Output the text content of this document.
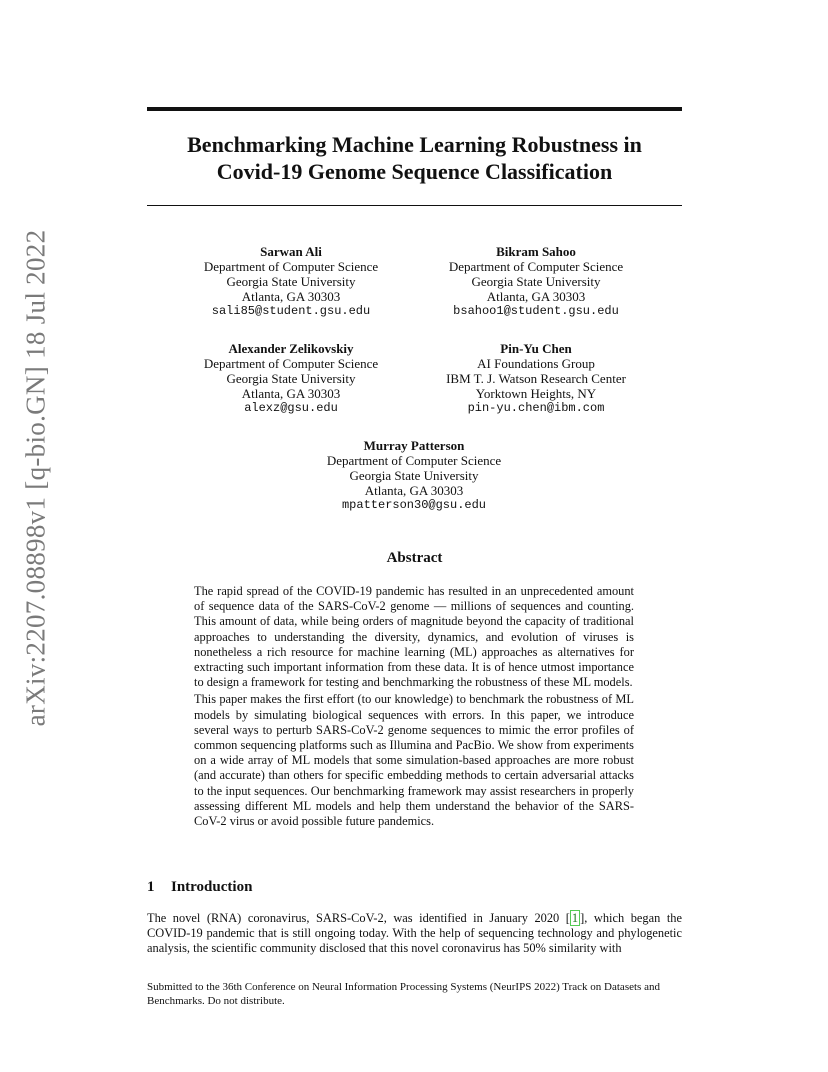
arXiv:2207.08898v1 [q-bio.GN] 18 Jul 2022
Benchmarking Machine Learning Robustness in
Covid-19 Genome Sequence Classification
Sarwan Ali
Department of Computer Science
Georgia State University
Atlanta, GA 30303
sali85@student.gsu.edu
Bikram Sahoo
Department of Computer Science
Georgia State University
Atlanta, GA 30303
bsahoo1@student.gsu.edu
Alexander Zelikovskiy
Department of Computer Science
Georgia State University
Atlanta, GA 30303
alexz@gsu.edu
Pin-Yu Chen
AI Foundations Group
IBM T. J. Watson Research Center
Yorktown Heights, NY
pin-yu.chen@ibm.com
Murray Patterson
Department of Computer Science
Georgia State University
Atlanta, GA 30303
mpatterson30@gsu.edu
Abstract

The rapid spread of the COVID-19 pandemic has resulted in an unprecedented amount of sequence data of the SARS-CoV-2 genome — millions of sequences and counting. This amount of data, while being orders of magnitude beyond the capacity of traditional approaches to understanding the diversity, dynamics, and evolution of viruses is nonetheless a rich resource for machine learning (ML) approaches as alternatives for extracting such important information from these data. It is of hence utmost importance to design a framework for testing and benchmarking the robustness of these ML models.

This paper makes the first effort (to our knowledge) to benchmark the robustness of ML models by simulating biological sequences with errors. In this paper, we introduce several ways to perturb SARS-CoV-2 genome sequences to mimic the error profiles of common sequencing platforms such as Illumina and PacBio. We show from experiments on a wide array of ML models that some simulation-based approaches are more robust (and accurate) than others for specific embedding methods to certain adversarial attacks to the input sequences. Our benchmarking framework may assist researchers in properly assessing different ML models and help them understand the behavior of the SARS-CoV-2 virus or avoid possible future pandemics.

1 Introduction

The novel (RNA) coronavirus, SARS-CoV-2, was identified in January 2020 [ 1 ], which began the COVID-19 pandemic that is still ongoing today. With the help of sequencing technology and phylogenetic analysis, the scientific community disclosed that this novel coronavirus has 50% similarity with

Submitted to the 36th Conference on Neural Information Processing Systems (NeurIPS 2022) Track on Datasets and Benchmarks. Do not distribute.
